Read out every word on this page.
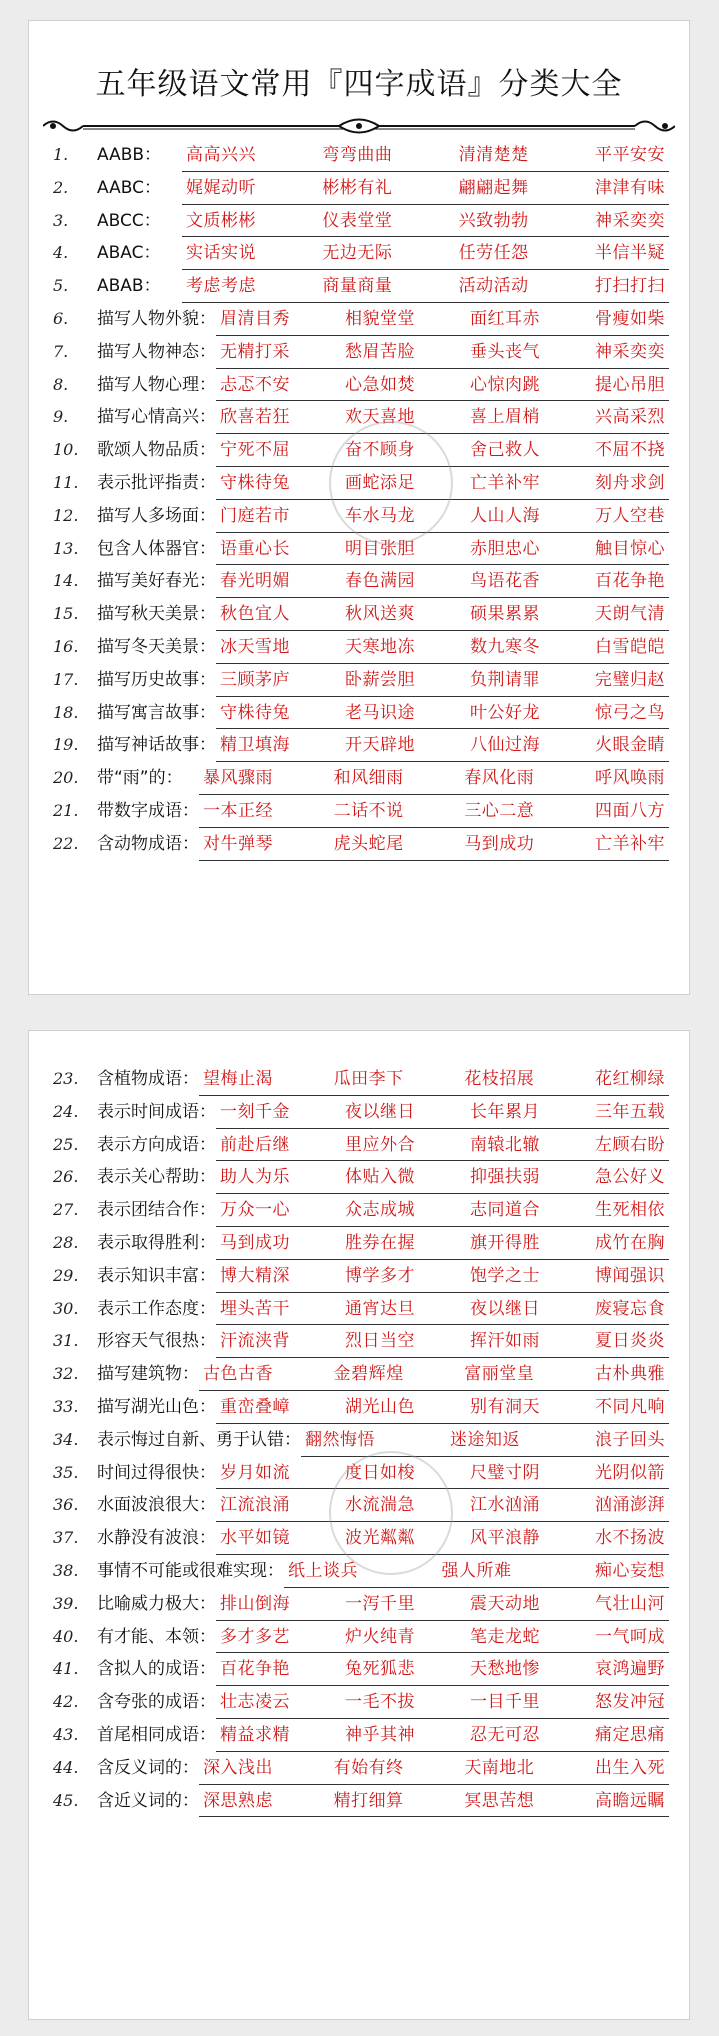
五年级语文常用『四字成语』分类大全
1.	AABB： 高高兴兴	弯弯曲曲	清清楚楚	平平安安
2.	AABC： 娓娓动听	彬彬有礼	翩翩起舞	津津有味
3.	ABCC： 文质彬彬	仪表堂堂	兴致勃勃	神采奕奕
4.	ABAC： 实话实说	无边无际	任劳任怨	半信半疑
5.	ABAB： 考虑考虑	商量商量	活动活动	打扫打扫
6.	描写人物外貌： 眉清目秀	相貌堂堂	面红耳赤	骨瘦如柴
7.	描写人物神态： 无精打采	愁眉苦脸	垂头丧气	神采奕奕
8.	描写人物心理： 忐忑不安	心急如焚	心惊肉跳	提心吊胆
9.	描写心情高兴： 欣喜若狂	欢天喜地	喜上眉梢	兴高采烈
10. 歌颂人物品质： 宁死不屈	奋不顾身	舍己救人	不屈不挠
11. 表示批评指责： 守株待兔	画蛇添足	亡羊补牢	刻舟求剑
12. 描写人多场面： 门庭若市	车水马龙	人山人海	万人空巷
13. 包含人体器官： 语重心长	明目张胆	赤胆忠心	触目惊心
14. 描写美好春光： 春光明媚	春色满园	鸟语花香	百花争艳
15. 描写秋天美景： 秋色宜人	秋风送爽	硕果累累	天朗气清
16. 描写冬天美景： 冰天雪地	天寒地冻	数九寒冬	白雪皑皑
17. 描写历史故事： 三顾茅庐	卧薪尝胆	负荆请罪	完璧归赵
18. 描写寓言故事： 守株待兔	老马识途	叶公好龙	惊弓之鸟
19. 描写神话故事： 精卫填海	开天辟地	八仙过海	火眼金睛
20. 带“雨”的： 暴风骤雨	和风细雨	春风化雨	呼风唤雨
21. 带数字成语： 一本正经	二话不说	三心二意	四面八方
22. 含动物成语： 对牛弹琴	虎头蛇尾	马到成功	亡羊补牢
23. 含植物成语： 望梅止渴	瓜田李下	花枝招展	花红柳绿
24. 表示时间成语： 一刻千金	夜以继日	长年累月	三年五载
25. 表示方向成语： 前赴后继	里应外合	南辕北辙	左顾右盼
26. 表示关心帮助： 助人为乐	体贴入微	抑强扶弱	急公好义
27. 表示团结合作： 万众一心	众志成城	志同道合	生死相依
28. 表示取得胜利： 马到成功	胜券在握	旗开得胜	成竹在胸
29. 表示知识丰富： 博大精深	博学多才	饱学之士	博闻强识
30. 表示工作态度： 埋头苦干	通宵达旦	夜以继日	废寝忘食
31. 形容天气很热： 汗流浃背	烈日当空	挥汗如雨	夏日炎炎
32. 描写建筑物： 古色古香	金碧辉煌	富丽堂皇	古朴典雅
33. 描写湖光山色： 重峦叠嶂	湖光山色	别有洞天	不同凡响
34. 表示悔过自新、勇于认错： 翻然悔悟	迷途知返	浪子回头
35. 时间过得很快： 岁月如流	度日如梭	尺璧寸阴	光阴似箭
36. 水面波浪很大： 江流浪涌	水流湍急	江水汹涌	汹涌澎湃
37. 水静没有波浪： 水平如镜	波光粼粼	风平浪静	水不扬波
38. 事情不可能或很难实现： 纸上谈兵	强人所难	痴心妄想
39. 比喻威力极大： 排山倒海	一泻千里	震天动地	气壮山河
40. 有才能、本领： 多才多艺	炉火纯青	笔走龙蛇	一气呵成
41. 含拟人的成语： 百花争艳	兔死狐悲	天愁地惨	哀鸿遍野
42. 含夸张的成语： 壮志凌云	一毛不拔	一目千里	怒发冲冠
43. 首尾相同成语： 精益求精	神乎其神	忍无可忍	痛定思痛
44. 含反义词的： 深入浅出	有始有终	天南地北	出生入死
45. 含近义词的： 深思熟虑	精打细算	冥思苦想	高瞻远瞩
